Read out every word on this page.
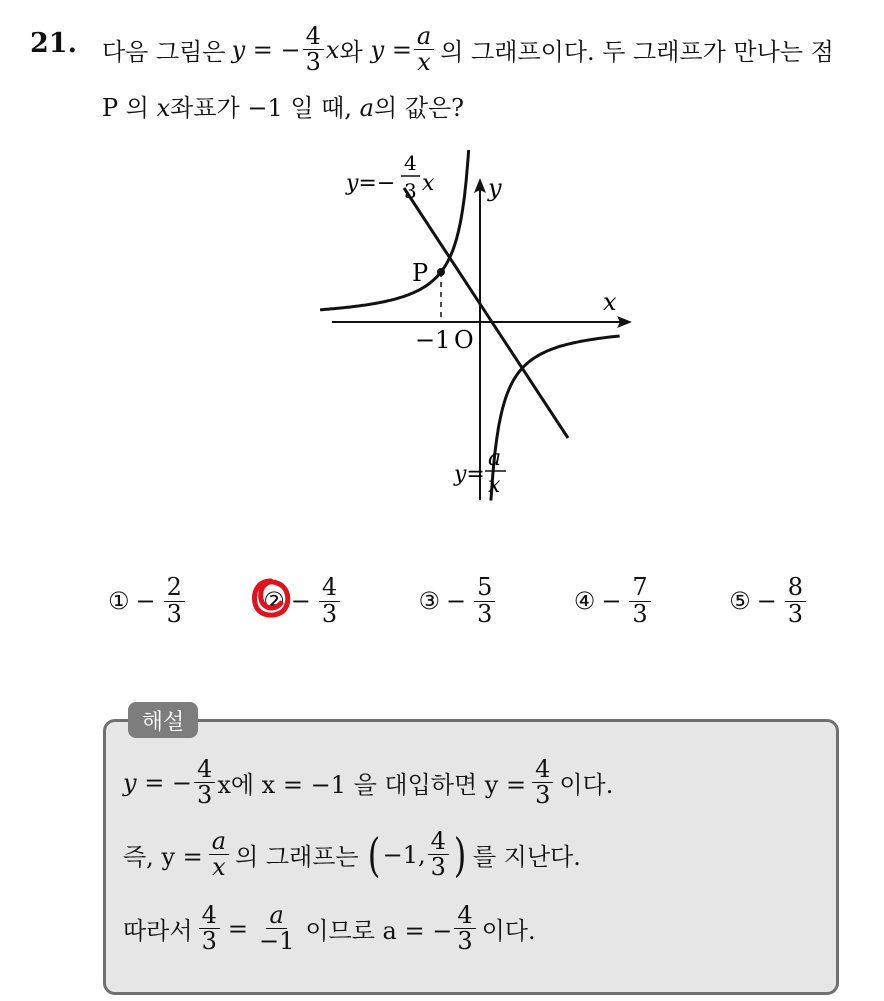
21. 다음 그림은 y = − $\frac{4}{3}$ x 와 $y = \frac{a}{x}$ 의 그래프이다. 두 그래프가 만나는 점
P 의 x좌표가 −1 일 때, a의 값은?
P
−1 O
x
y
y=−
4
3 x
y=
a
x
① − $\frac{2}{3}$	② − $\frac{4}{3}$	③ − $\frac{5}{3}$	④ − $\frac{7}{3}$	⑤ − $\frac{8}{3}$
해설
y = − $\frac{4}{3}$ x에 x = −1 을 대입하면 $y = \frac{4}{3}$ 이다.
즉, $y = \frac{a}{x}$ 의 그래프는 ( −1, $\frac{4}{3}$ ) 를 지난다.
따라서 $\frac{4}{3} = \frac{a}{-1}$ 이므로 a = − $\frac{4}{3}$ 이다.
